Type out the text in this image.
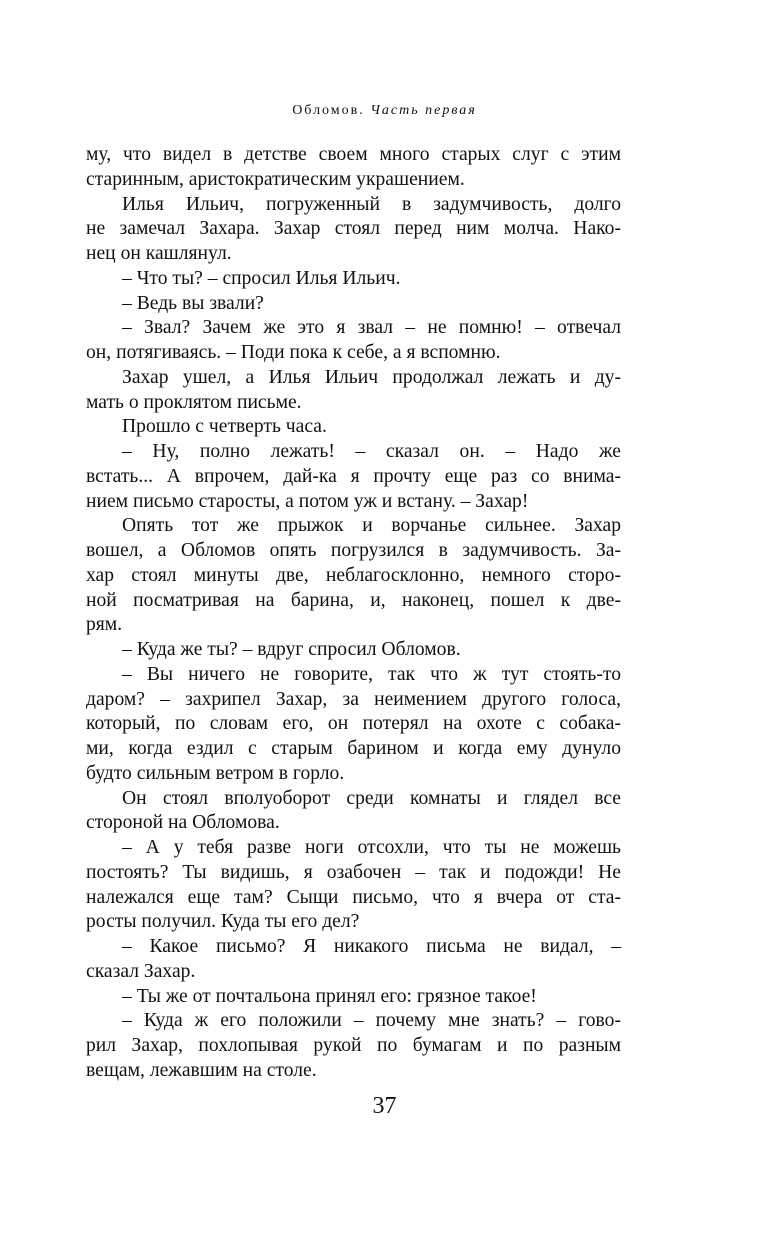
Обломов. Часть первая
му, что видел в детстве своем много старых слуг с этим
старинным, аристократическим украшением.
Илья Ильич, погруженный в задумчивость, долго
не замечал Захара. Захар стоял перед ним молча. Нако-
нец он кашлянул.
– Что ты? – спросил Илья Ильич.
– Ведь вы звали?
– Звал? Зачем же это я звал – не помню! – отвечал
он, потягиваясь. – Поди пока к себе, а я вспомню.
Захар ушел, а Илья Ильич продолжал лежать и ду-
мать о проклятом письме.
Прошло с четверть часа.
– Ну, полно лежать! – сказал он. – Надо же
встать... А впрочем, дай-ка я прочту еще раз со внима-
нием письмо старосты, а потом уж и встану. – Захар!
Опять тот же прыжок и ворчанье сильнее. Захар
вошел, а Обломов опять погрузился в задумчивость. За-
хар стоял минуты две, неблагосклонно, немного сторо-
ной посматривая на барина, и, наконец, пошел к две-
рям.
– Куда же ты? – вдруг спросил Обломов.
– Вы ничего не говорите, так что ж тут стоять-то
даром? – захрипел Захар, за неимением другого голоса,
который, по словам его, он потерял на охоте с собака-
ми, когда ездил с старым барином и когда ему дунуло
будто сильным ветром в горло.
Он стоял вполуоборот среди комнаты и глядел все
стороной на Обломова.
– А у тебя разве ноги отсохли, что ты не можешь
постоять? Ты видишь, я озабочен – так и подожди! Не
належался еще там? Сыщи письмо, что я вчера от ста-
росты получил. Куда ты его дел?
– Какое письмо? Я никакого письма не видал, –
сказал Захар.
– Ты же от почтальона принял его: грязное такое!
– Куда ж его положили – почему мне знать? – гово-
рил Захар, похлопывая рукой по бумагам и по разным
вещам, лежавшим на столе.
37
